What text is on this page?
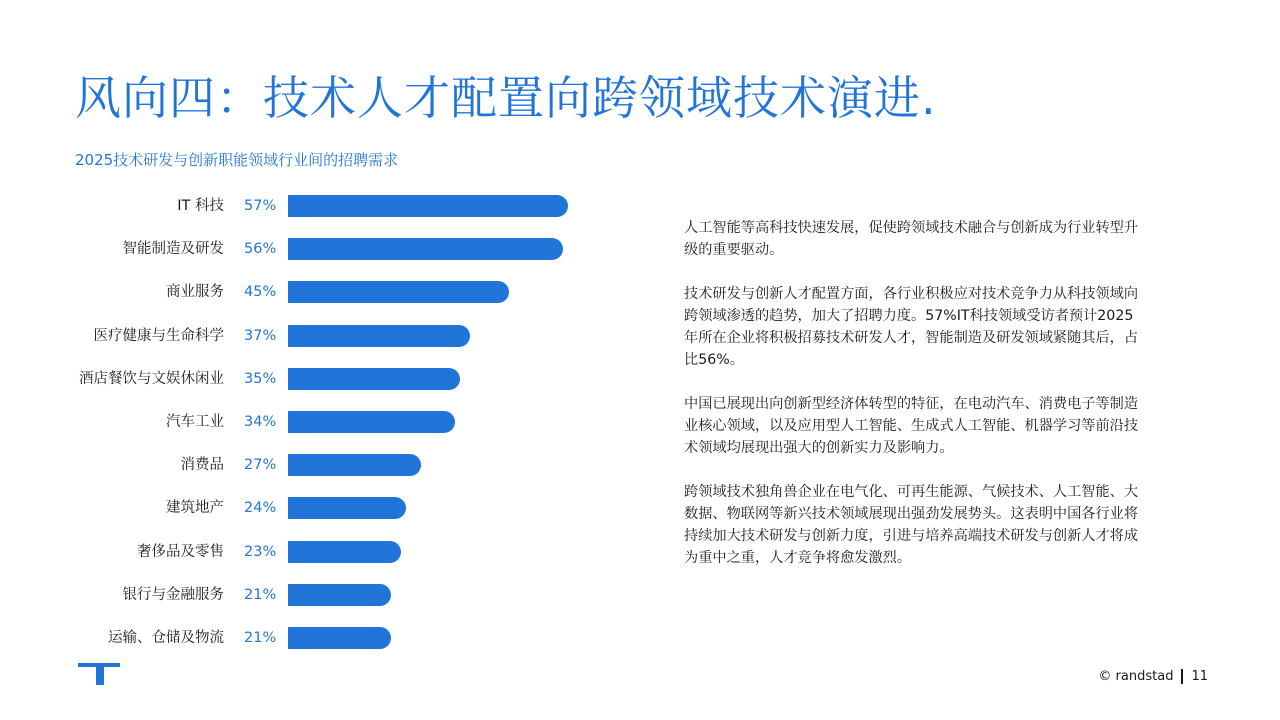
风向四：技术人才配置向跨领域技术演进.
2025技术研发与创新职能领域行业间的招聘需求
IT 科技 57%
智能制造及研发 56%
商业服务 45%
医疗健康与生命科学 37%
酒店餐饮与文娱休闲业 35%
汽车工业 34%
消费品 27%
建筑地产 24%
奢侈品及零售 23%
银行与金融服务 21%
运输、仓储及物流 21%

人工智能等高科技快速发展，促使跨领域技术融合与创新成为行业转型升级的重要驱动。

技术研发与创新人才配置方面，各行业积极应对技术竞争力从科技领域向跨领域渗透的趋势，加大了招聘力度。57%IT科技领域受访者预计2025年所在企业将积极招募技术研发人才，智能制造及研发领域紧随其后，占比56%。

中国已展现出向创新型经济体转型的特征，在电动汽车、消费电子等制造业核心领域，以及应用型人工智能、生成式人工智能、机器学习等前沿技术领域均展现出强大的创新实力及影响力。

跨领域技术独角兽企业在电气化、可再生能源、气候技术、人工智能、大数据、物联网等新兴技术领域展现出强劲发展势头。这表明中国各行业将持续加大技术研发与创新力度，引进与培养高端技术研发与创新人才将成为重中之重，人才竞争将愈发激烈。

© randstad 11
